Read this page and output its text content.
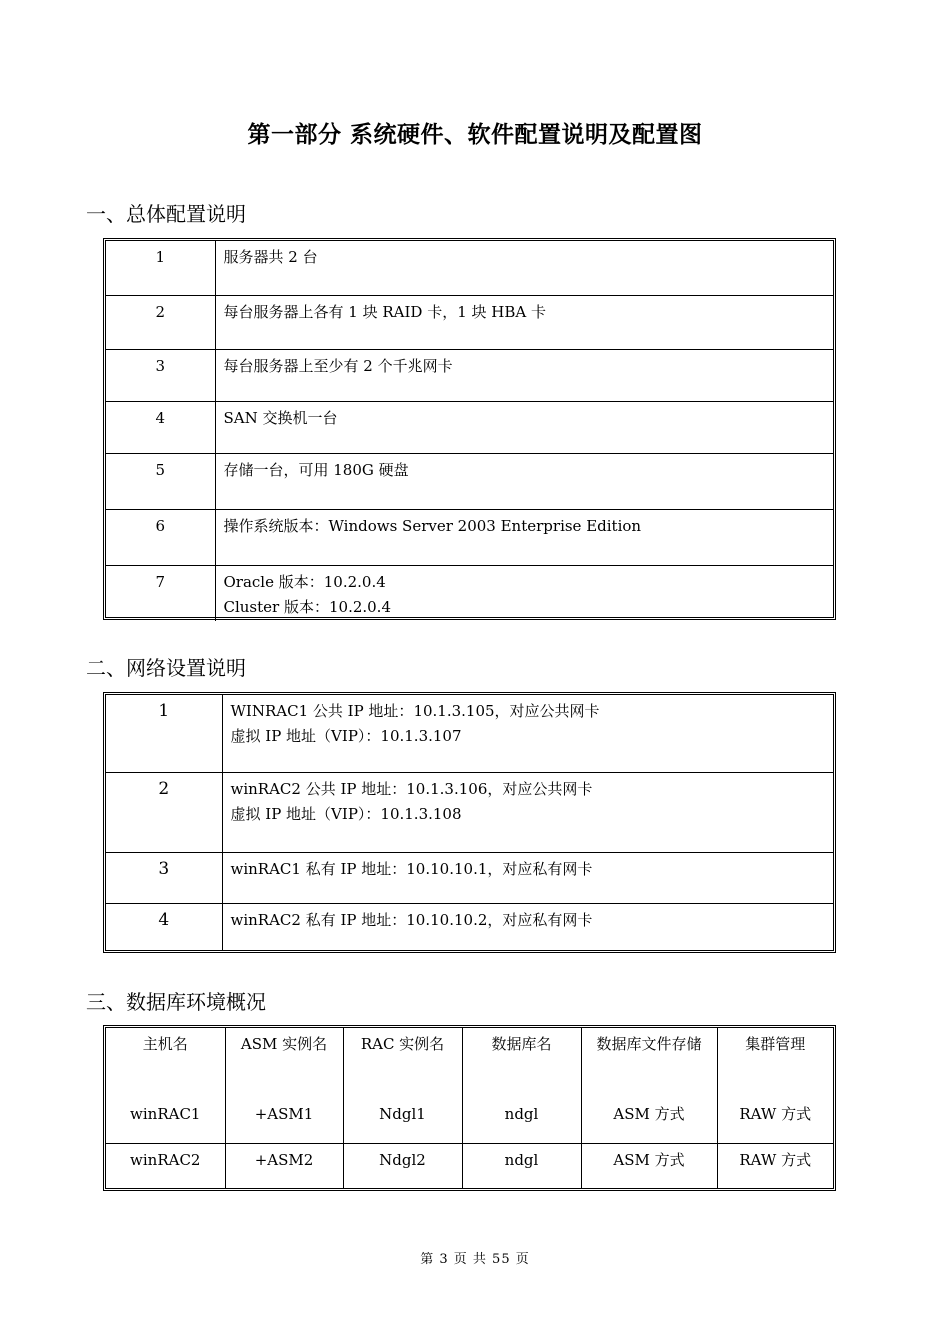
第一部分 系统硬件、软件配置说明及配置图
一、总体配置说明
1	服务器共 2 台

2	每台服务器上各有 1 块 RAID 卡，1 块 HBA 卡

3	每台服务器上至少有 2 个千兆网卡

4	SAN 交换机一台

5	存储一台，可用 180G 硬盘

6	操作系统版本：Windows Server 2003 Enterprise Edition

7	Oracle 版本：10.2.0.4
Cluster 版本：10.2.0.4
二、网络设置说明
1	WINRAC1 公共 IP 地址：10.1.3.105，对应公共网卡
虚拟 IP 地址（VIP）：10.1.3.107

2	winRAC2 公共 IP 地址：10.1.3.106，对应公共网卡
虚拟 IP 地址（VIP）：10.1.3.108

3	winRAC1 私有 IP 地址：10.10.10.1，对应私有网卡

4	winRAC2 私有 IP 地址：10.10.10.2，对应私有网卡
三、数据库环境概况
主机名	ASM 实例名	RAC 实例名	数据库名	数据库文件存储	集群管理
winRAC1	+ASM1	Ndgl1	ndgl	ASM 方式	RAW 方式
winRAC2	+ASM2	Ndgl2	ndgl	ASM 方式	RAW 方式
第 3 页 共 55 页
